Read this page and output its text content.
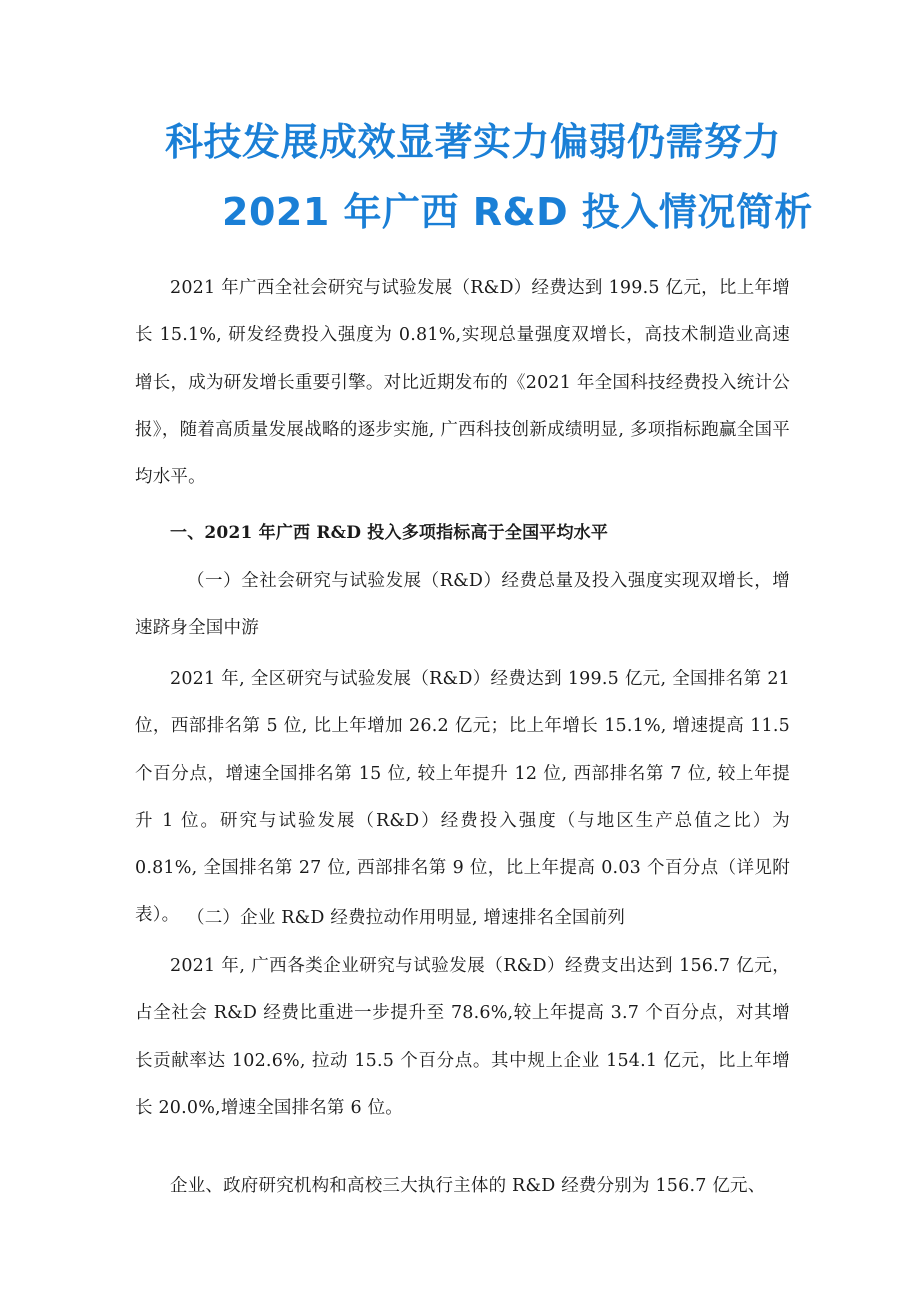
科技发展成效显著实力偏弱仍需努力
2021 年广西 R&D 投入情况简析
2021 年广西全社会研究与试验发展（R&D）经费达到 199.5 亿元，比上年增长 15.1%, 研发经费投入强度为 0.81%,实现总量强度双增长，高技术制造业高速增长，成为研发增长重要引擎。对比近期发布的《2021 年全国科技经费投入统计公报》，随着高质量发展战略的逐步实施, 广西科技创新成绩明显, 多项指标跑赢全国平均水平。
一、2021 年广西 R&D 投入多项指标高于全国平均水平
（一）全社会研究与试验发展（R&D）经费总量及投入强度实现双增长，增速跻身全国中游
2021 年, 全区研究与试验发展（R&D）经费达到 199.5 亿元, 全国排名第 21 位，西部排名第 5 位, 比上年增加 26.2 亿元；比上年增长 15.1%, 增速提高 11.5 个百分点，增速全国排名第 15 位, 较上年提升 12 位, 西部排名第 7 位, 较上年提升 1 位。研究与试验发展（R&D）经费投入强度（与地区生产总值之比）为 0.81%, 全国排名第 27 位, 西部排名第 9 位，比上年提高 0.03 个百分点（详见附表）。 （二）企业 R&D 经费拉动作用明显, 增速排名全国前列
2021 年, 广西各类企业研究与试验发展（R&D）经费支出达到 156.7 亿元，占全社会 R&D 经费比重进一步提升至 78.6%,较上年提高 3.7 个百分点，对其增长贡献率达 102.6%, 拉动 15.5 个百分点。其中规上企业 154.1 亿元，比上年增长 20.0%,增速全国排名第 6 位。
企业、政府研究机构和高校三大执行主体的 R&D 经费分别为 156.7 亿元、
